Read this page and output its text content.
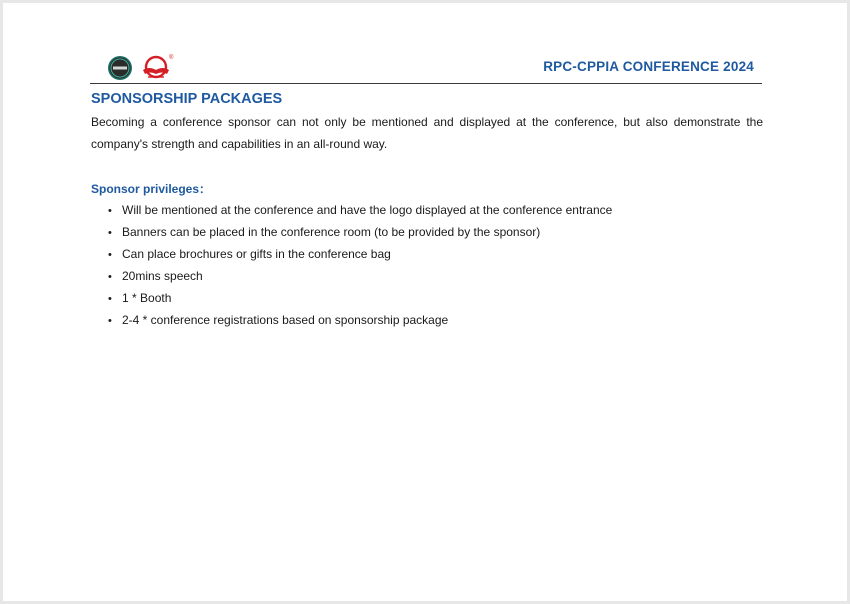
®
RPC-CPPIA CONFERENCE 2024
SPONSORSHIP PACKAGES

Becoming a conference sponsor can not only be mentioned and displayed at the conference, but also demonstrate the company's strength and capabilities in an all-round way.

Sponsor privileges：
• Will be mentioned at the conference and have the logo displayed at the conference entrance
• Banners can be placed in the conference room (to be provided by the sponsor)
• Can place brochures or gifts in the conference bag
• 20mins speech
• 1 * Booth
• 2-4 * conference registrations based on sponsorship package
